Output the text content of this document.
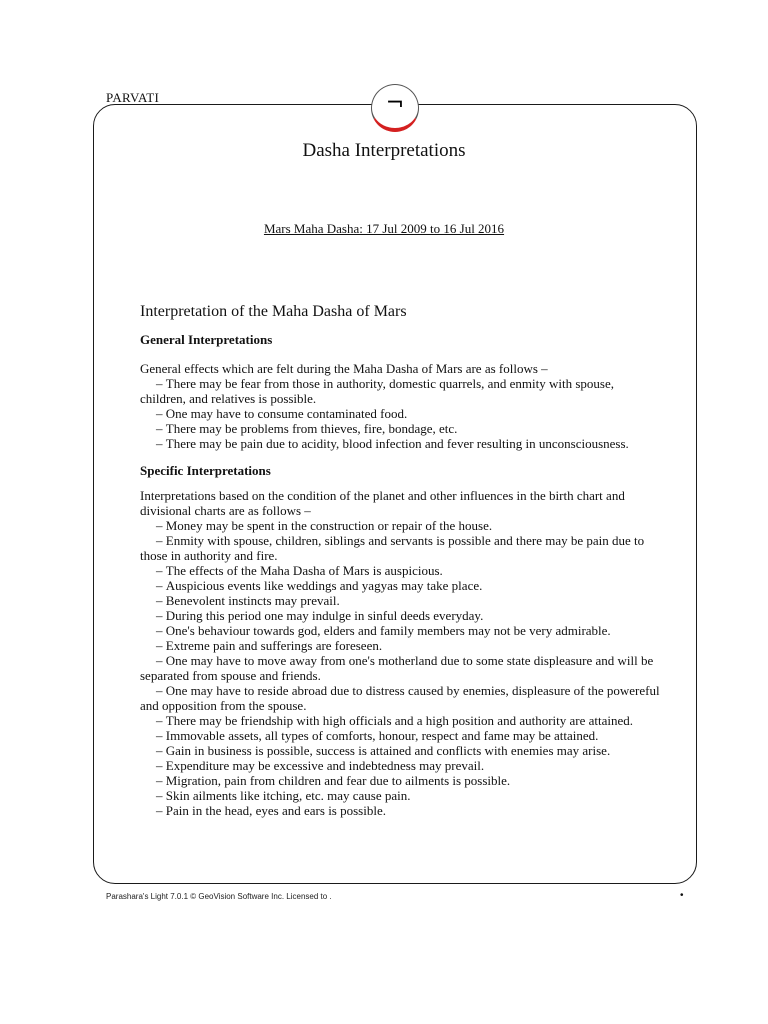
PARVATI	¬
Dasha Interpretations
Mars Maha Dasha: 17 Jul 2009 to 16 Jul 2016
Interpretation of the Maha Dasha of Mars
General Interpretations

General effects which are felt during the Maha Dasha of Mars are as follows –

– There may be fear from those in authority, domestic quarrels, and enmity with spouse, children, and relatives is possible.

– One may have to consume contaminated food.

– There may be problems from thieves, fire, bondage, etc.

– There may be pain due to acidity, blood infection and fever resulting in unconsciousness.

Specific Interpretations

Interpretations based on the condition of the planet and other influences in the birth chart and divisional charts are as follows –

– Money may be spent in the construction or repair of the house.

– Enmity with spouse, children, siblings and servants is possible and there may be pain due to those in authority and fire.

– The effects of the Maha Dasha of Mars is auspicious.

– Auspicious events like weddings and yagyas may take place.

– Benevolent instincts may prevail.

– During this period one may indulge in sinful deeds everyday.

– One's behaviour towards god, elders and family members may not be very admirable.

– Extreme pain and sufferings are foreseen.

– One may have to move away from one's motherland due to some state displeasure and will be separated from spouse and friends.

– One may have to reside abroad due to distress caused by enemies, displeasure of the powereful and opposition from the spouse.

– There may be friendship with high officials and a high position and authority are attained.

– Immovable assets, all types of comforts, honour, respect and fame may be attained.

– Gain in business is possible, success is attained and conflicts with enemies may arise.

– Expenditure may be excessive and indebtedness may prevail.

– Migration, pain from children and fear due to ailments is possible.

– Skin ailments like itching, etc. may cause pain.

– Pain in the head, eyes and ears is possible.

Parashara's Light 7.0.1 © GeoVision Software Inc. Licensed to .	•
